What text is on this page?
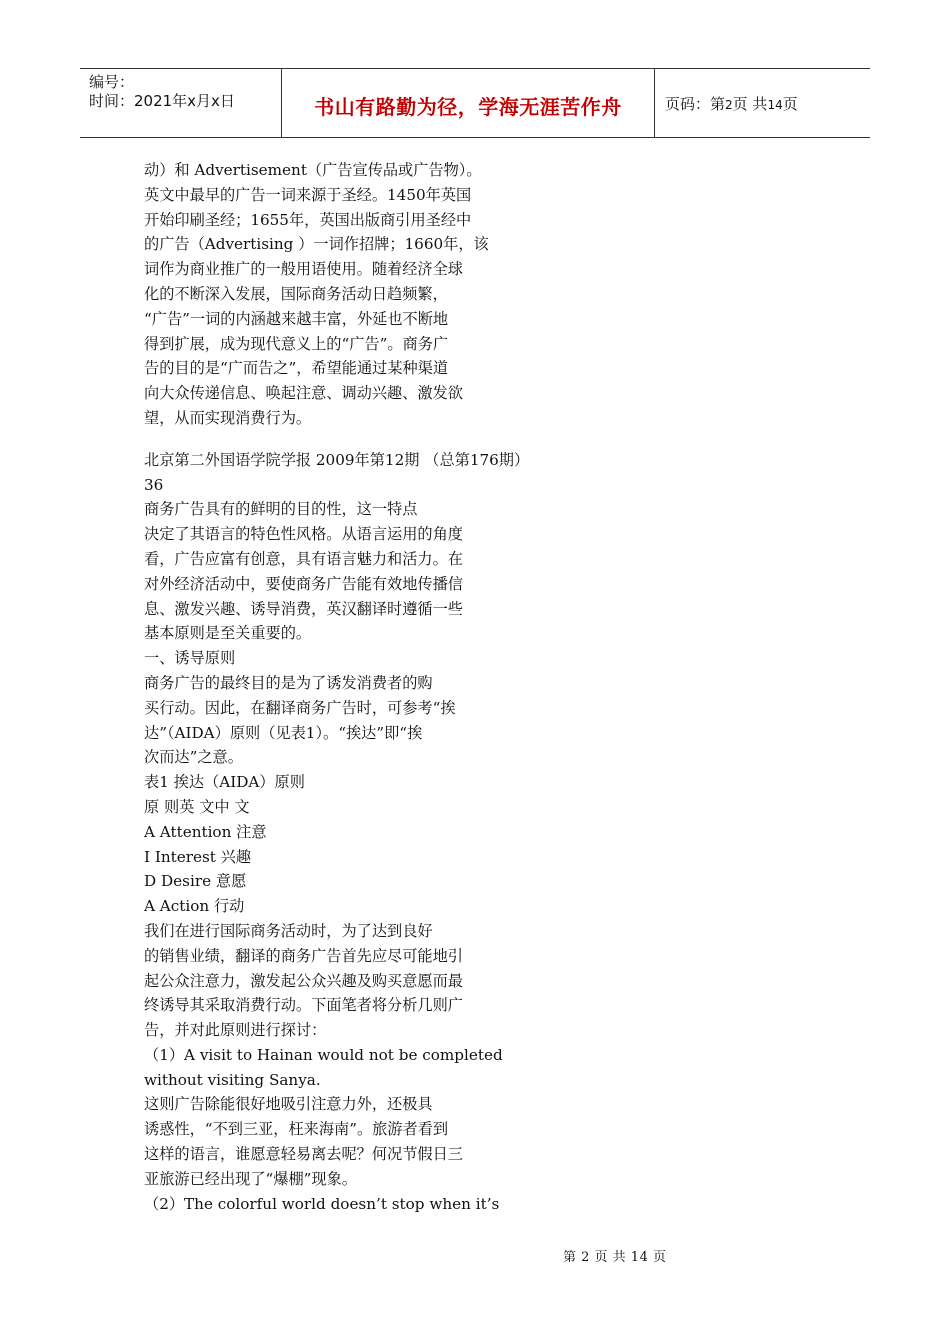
编号：
时间：2021年x月x日	书山有路勤为径，学海无涯苦作舟	页码：第2页 共14页
动）和 Advertisement（广告宣传品或广告物）。
英文中最早的广告一词来源于圣经。1450年英国
开始印刷圣经；1655年，英国出版商引用圣经中
的广告（Advertising ）一词作招牌；1660年，该
词作为商业推广的一般用语使用。随着经济全球
化的不断深入发展，国际商务活动日趋频繁，
“广告”一词的内涵越来越丰富，外延也不断地
得到扩展，成为现代意义上的“广告”。商务广
告的目的是“广而告之”，希望能通过某种渠道
向大众传递信息、唤起注意、调动兴趣、激发欲
望，从而实现消费行为。
北京第二外国语学院学报 2009年第12期 （总第176期）
36
商务广告具有的鲜明的目的性，这一特点
决定了其语言的特色性风格。从语言运用的角度
看，广告应富有创意，具有语言魅力和活力。在
对外经济活动中，要使商务广告能有效地传播信
息、激发兴趣、诱导消费，英汉翻译时遵循一些
基本原则是至关重要的。
一、诱导原则
商务广告的最终目的是为了诱发消费者的购
买行动。因此，在翻译商务广告时，可参考“挨
达”（AIDA）原则（见表1）。“挨达”即“挨
次而达”之意。
表1 挨达（AIDA）原则
原 则英 文中 文
A Attention 注意
I Interest 兴趣
D Desire 意愿
A Action 行动
我们在进行国际商务活动时，为了达到良好
的销售业绩，翻译的商务广告首先应尽可能地引
起公众注意力，激发起公众兴趣及购买意愿而最
终诱导其采取消费行动。下面笔者将分析几则广
告，并对此原则进行探讨：
（1）A visit to Hainan would not be completed
without visiting Sanya.
这则广告除能很好地吸引注意力外，还极具
诱惑性，“不到三亚，枉来海南”。旅游者看到
这样的语言，谁愿意轻易离去呢？何况节假日三
亚旅游已经出现了“爆棚”现象。
（2）The colorful world doesn’t stop when it’s
第 2 页 共 14 页
